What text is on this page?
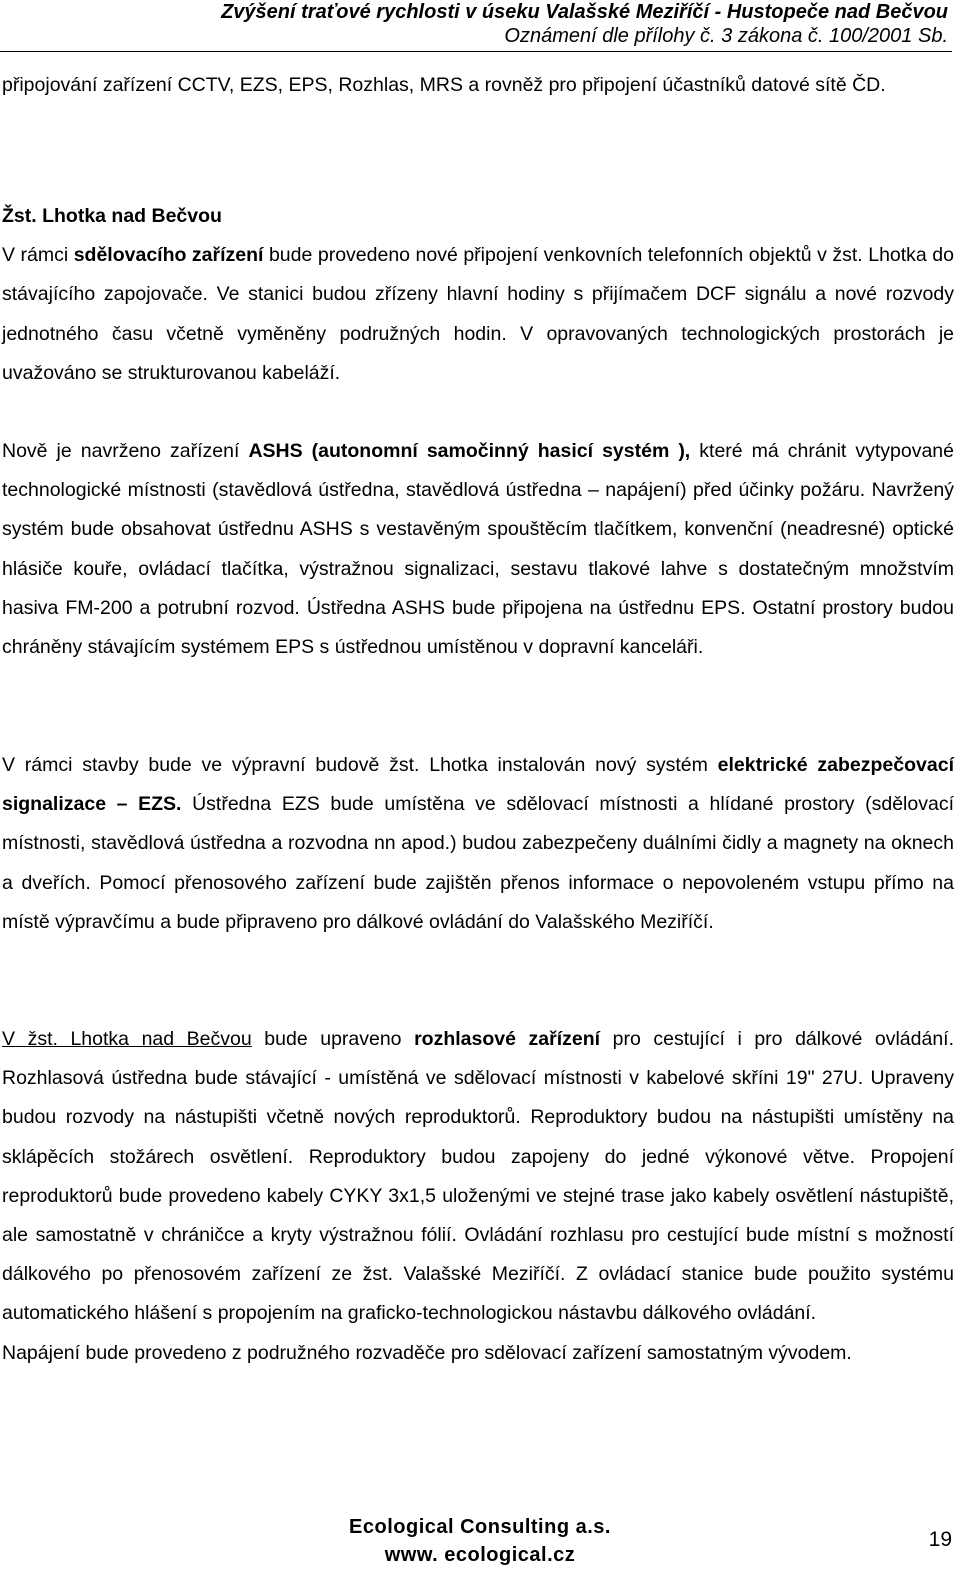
Zvýšení traťové rychlosti v úseku Valašské Meziříčí - Hustopeče nad Bečvou
Oznámení dle přílohy č. 3 zákona č. 100/2001 Sb.

připojování zařízení CCTV, EZS, EPS, Rozhlas, MRS a rovněž pro připojení účastníků datové sítě ČD.

Žst. Lhotka nad Bečvou

V rámci sdělovacího zařízení bude provedeno nové připojení venkovních telefonních objektů v žst. Lhotka do stávajícího zapojovače. Ve stanici budou zřízeny hlavní hodiny s přijímačem DCF signálu a nové rozvody jednotného času včetně vyměněny podružných hodin. V opravovaných technologických prostorách je uvažováno se strukturovanou kabeláží.

Nově je navrženo zařízení ASHS (autonomní samočinný hasicí systém ), které má chránit vytypované technologické místnosti (stavědlová ústředna, stavědlová ústředna – napájení) před účinky požáru. Navržený systém bude obsahovat ústřednu ASHS s vestavěným spouštěcím tlačítkem, konvenční (neadresné) optické hlásiče kouře, ovládací tlačítka, výstražnou signalizaci, sestavu tlakové lahve s dostatečným množstvím hasiva FM-200 a potrubní rozvod. Ústředna ASHS bude připojena na ústřednu EPS. Ostatní prostory budou chráněny stávajícím systémem EPS s ústřednou umístěnou v dopravní kanceláři.

V rámci stavby bude ve výpravní budově žst. Lhotka instalován nový systém elektrické zabezpečovací signalizace – EZS. Ústředna EZS bude umístěna ve sdělovací místnosti a hlídané prostory (sdělovací místnosti, stavědlová ústředna a rozvodna nn apod.) budou zabezpečeny duálními čidly a magnety na oknech a dveřích. Pomocí přenosového zařízení bude zajištěn přenos informace o nepovoleném vstupu přímo na místě výpravčímu a bude připraveno pro dálkové ovládání do Valašského Meziříčí.

V žst. Lhotka nad Bečvou bude upraveno rozhlasové zařízení pro cestující i pro dálkové ovládání. Rozhlasová ústředna bude stávající - umístěná ve sdělovací místnosti v kabelové skříni 19" 27U. Upraveny budou rozvody na nástupišti včetně nových reproduktorů. Reproduktory budou na nástupišti umístěny na sklápěcích stožárech osvětlení. Reproduktory budou zapojeny do jedné výkonové větve. Propojení reproduktorů bude provedeno kabely CYKY 3x1,5 uloženými ve stejné trase jako kabely osvětlení nástupiště, ale samostatně v chráničce a kryty výstražnou fólií. Ovládání rozhlasu pro cestující bude místní s možností dálkového po přenosovém zařízení ze žst. Valašské Meziříčí. Z ovládací stanice bude použito systému automatického hlášení s propojením na graficko-technologickou nástavbu dálkového ovládání.

Napájení bude provedeno z podružného rozvaděče pro sdělovací zařízení samostatným vývodem.

Ecological Consulting a.s.
www. ecological.cz
19
